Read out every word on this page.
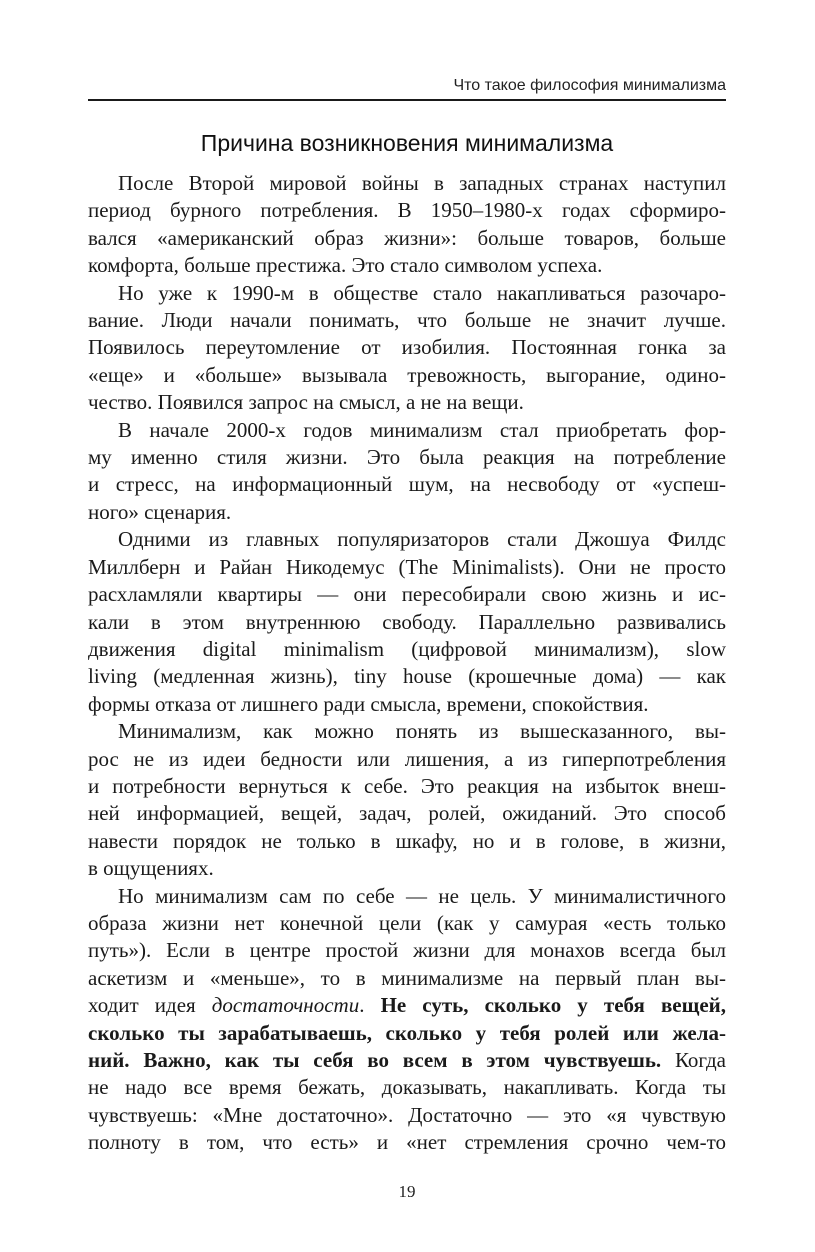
Что такое философия минимализма
Причина возникновения минимализма
После Второй мировой войны в западных странах наступил
период бурного потребления. В 1950–1980-х годах сформиро-
вался «американский образ жизни»: больше товаров, больше
комфорта, больше престижа. Это стало символом успеха.
Но уже к 1990-м в обществе стало накапливаться разочаро-
вание. Люди начали понимать, что больше не значит лучше.
Появилось переутомление от изобилия. Постоянная гонка за
«еще» и «больше» вызывала тревожность, выгорание, одино-
чество. Появился запрос на смысл, а не на вещи.
В начале 2000-х годов минимализм стал приобретать фор-
му именно стиля жизни. Это была реакция на потребление
и стресс, на информационный шум, на несвободу от «успеш-
ного» сценария.
Одними из главных популяризаторов стали Джошуа Филдс
Миллберн и Райан Никодемус (The Minimalists). Они не просто
расхламляли квартиры — они пересобирали свою жизнь и ис-
кали в этом внутреннюю свободу. Параллельно развивались
движения digital minimalism (цифровой минимализм), slow
living (медленная жизнь), tiny house (крошечные дома) — как
формы отказа от лишнего ради смысла, времени, спокойствия.
Минимализм, как можно понять из вышесказанного, вы-
рос не из идеи бедности или лишения, а из гиперпотребления
и потребности вернуться к себе. Это реакция на избыток внеш-
ней информацией, вещей, задач, ролей, ожиданий. Это способ
навести порядок не только в шкафу, но и в голове, в жизни,
в ощущениях.
Но минимализм сам по себе — не цель. У минималистичного
образа жизни нет конечной цели (как у самурая «есть только
путь»). Если в центре простой жизни для монахов всегда был
аскетизм и «меньше», то в минимализме на первый план вы-
ходит идея достаточности. Не суть, сколько у тебя вещей,
сколько ты зарабатываешь, сколько у тебя ролей или жела-
ний. Важно, как ты себя во всем в этом чувствуешь. Когда
не надо все время бежать, доказывать, накапливать. Когда ты
чувствуешь: «Мне достаточно». Достаточно — это «я чувствую
полноту в том, что есть» и «нет стремления срочно чем-то
19
